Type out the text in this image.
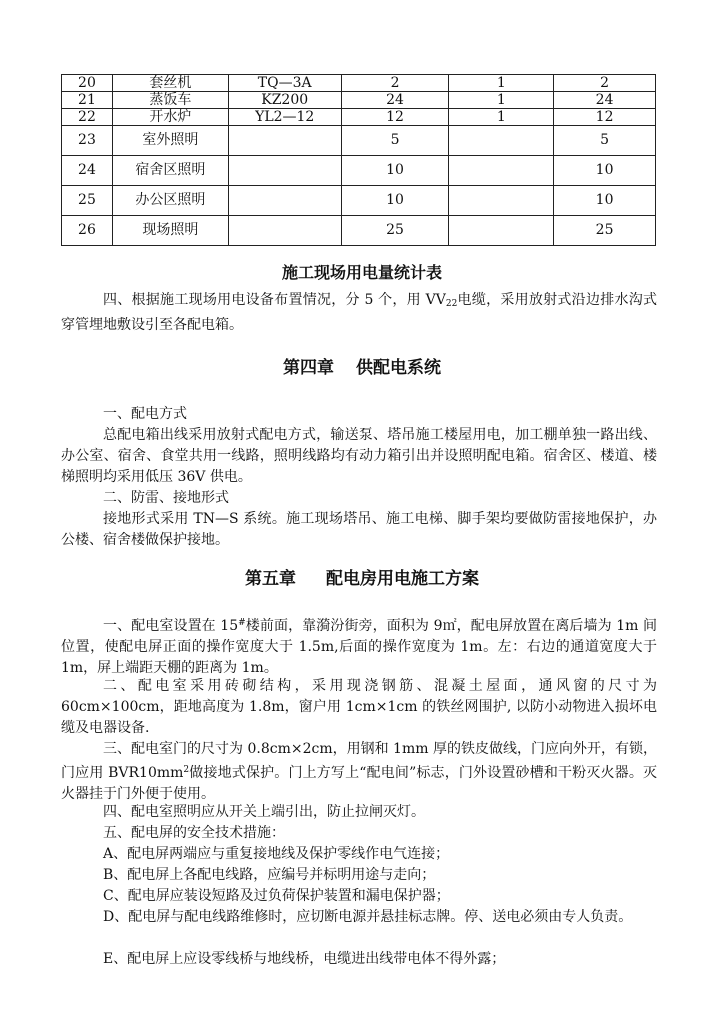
20	套丝机	TQ—3A	2	1	2
21	蒸饭车	KZ200	24	1	24
22	开水炉	YL2—12	12	1	12
23	室外照明		5		5
24	宿舍区照明		10		10
25	办公区照明		10		10
26	现场照明		25		25
施工现场用电量统计表

四、根据施工现场用电设备布置情况，分 5 个，用 $VV_{22}$电缆，采用放射式沿边排水沟式穿管埋地敷设引至各配电箱。

第四章 供配电系统

一、配电方式

总配电箱出线采用放射式配电方式，输送泵、塔吊施工楼屋用电，加工棚单独一路出线、办公室、宿舍、食堂共用一线路，照明线路均有动力箱引出并设照明配电箱。宿舍区、楼道、楼梯照明均采用低压 36V 供电。

二、防雷、接地形式

接地形式采用 TN—S 系统。施工现场塔吊、施工电梯、脚手架均要做防雷接地保护，办公楼、宿舍楼做保护接地。

第五章 配电房用电施工方案

一、配电室设置在 15#楼前面，靠漪汾街旁，面积为 9㎡，配电屏放置在离后墙为 1m 间位置，使配电屏正面的操作宽度大于 1.5m,后面的操作宽度为 1m。左：右边的通道宽度大于 1m，屏上端距天棚的距离为 1m。

二、配电室采用砖砌结构，采用现浇钢筋、混凝土屋面，通风窗的尺寸为 60cm×100cm，距地高度为 1.8m，窗户用 1cm×1cm 的铁丝网围护, 以防小动物进入损坏电缆及电器设备.

三、配电室门的尺寸为 0.8cm×2cm，用钢和 1mm 厚的铁皮做线，门应向外开，有锁，门应用 $BVR10mm^2$做接地式保护。门上方写上“配电间”标志，门外设置砂槽和干粉灭火器。灭火器挂于门外便于使用。

四、配电室照明应从开关上端引出，防止拉闸灭灯。

五、配电屏的安全技术措施：

A、配电屏两端应与重复接地线及保护零线作电气连接；

B、配电屏上各配电线路，应编号并标明用途与走向；

C、配电屏应装设短路及过负荷保护装置和漏电保护器；

D、配电屏与配电线路维修时，应切断电源并悬挂标志牌。停、送电必须由专人负责。

E、配电屏上应设零线桥与地线桥，电缆进出线带电体不得外露；
